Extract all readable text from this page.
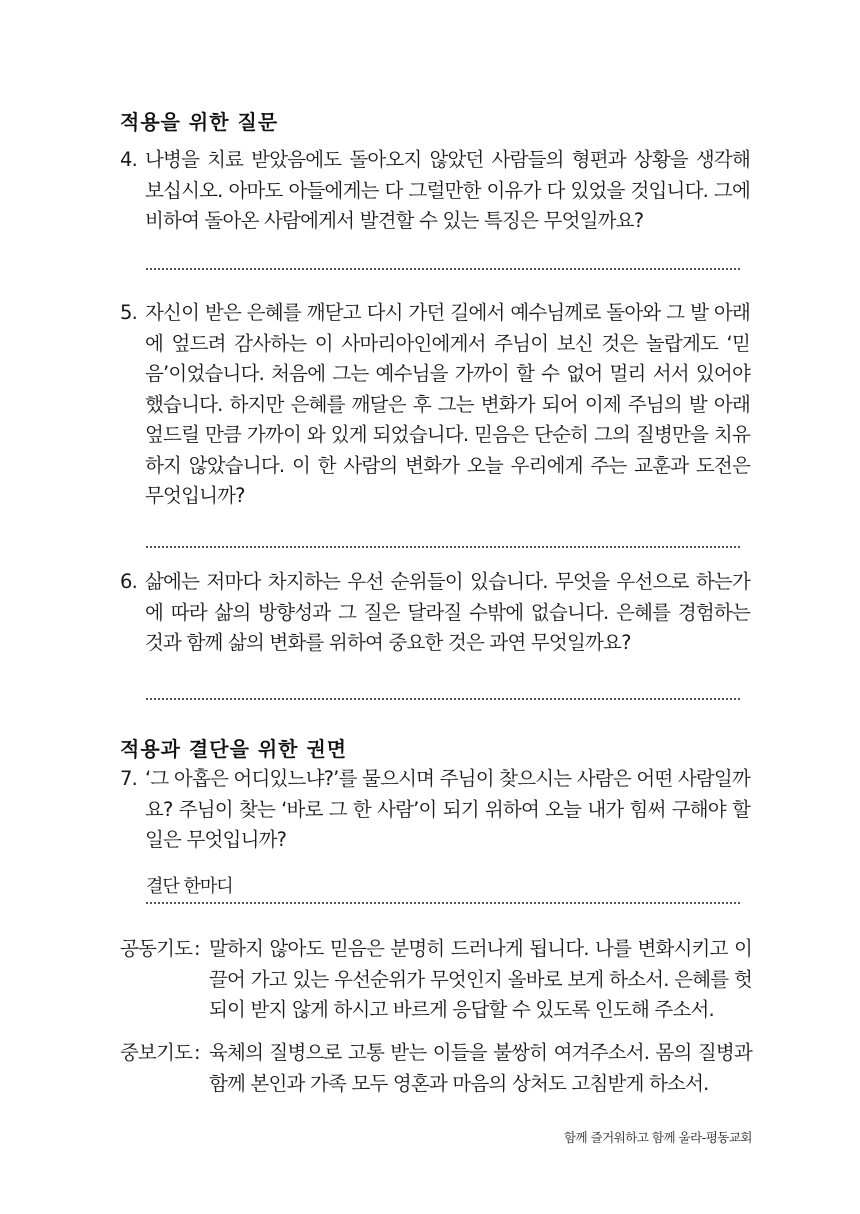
적용을 위한 질문
4. 나병을 치료 받았음에도 돌아오지 않았던 사람들의 형편과 상황을 생각해 보십시오. 아마도 아들에게는 다 그럴만한 이유가 다 있었을 것입니다. 그에 비하여 돌아온 사람에게서 발견할 수 있는 특징은 무엇일까요?
5. 자신이 받은 은혜를 깨닫고 다시 가던 길에서 예수님께로 돌아와 그 발 아래에 엎드려 감사하는 이 사마리아인에게서 주님이 보신 것은 놀랍게도 ‘믿음’이었습니다. 처음에 그는 예수님을 가까이 할 수 없어 멀리 서서 있어야 했습니다. 하지만 은혜를 깨달은 후 그는 변화가 되어 이제 주님의 발 아래 엎드릴 만큼 가까이 와 있게 되었습니다. 믿음은 단순히 그의 질병만을 치유하지 않았습니다. 이 한 사람의 변화가 오늘 우리에게 주는 교훈과 도전은 무엇입니까?
6. 삶에는 저마다 차지하는 우선 순위들이 있습니다. 무엇을 우선으로 하는가에 따라 삶의 방향성과 그 질은 달라질 수밖에 없습니다. 은혜를 경험하는 것과 함께 삶의 변화를 위하여 중요한 것은 과연 무엇일까요?
적용과 결단을 위한 권면
7. ‘그 아홉은 어디있느냐?’를 물으시며 주님이 찾으시는 사람은 어떤 사람일까요? 주님이 찾는 ‘바로 그 한 사람’이 되기 위하여 오늘 내가 힘써 구해야 할 일은 무엇입니까?
결단 한마디
공동기도 : 말하지 않아도 믿음은 분명히 드러나게 됩니다. 나를 변화시키고 이끌어 가고 있는 우선순위가 무엇인지 올바로 보게 하소서. 은혜를 헛되이 받지 않게 하시고 바르게 응답할 수 있도록 인도해 주소서.
중보기도 : 육체의 질병으로 고통 받는 이들을 불쌍히 여겨주소서. 몸의 질병과 함께 본인과 가족 모두 영혼과 마음의 상처도 고침받게 하소서.
함께 즐거워하고 함께 울라-평동교회
